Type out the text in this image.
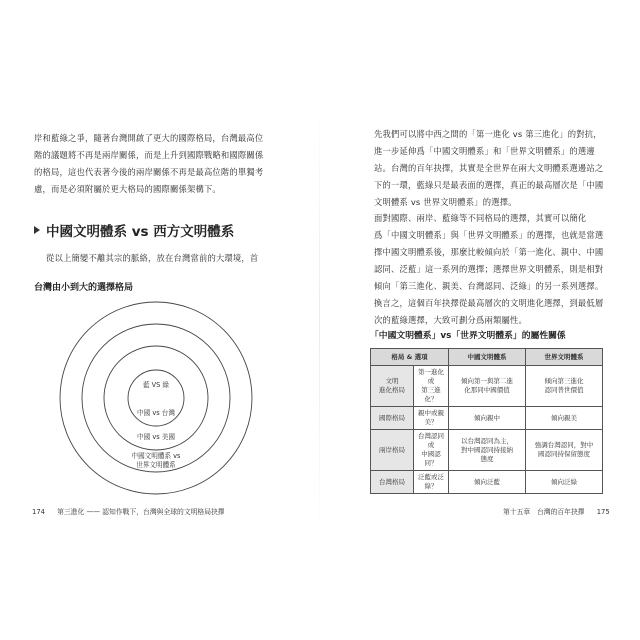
岸和藍綠之爭，隨著台灣開啟了更大的國際格局，台灣最高位
階的議題將不再是兩岸關係，而是上升到國際戰略和國際關係
的格局，這也代表著今後的兩岸關係不再是最高位階的單獨考
慮，而是必須附屬於更大格局的國際關係架構下。
中國文明體系 vs 西方文明體系
從以上簡變不離其宗的脈絡，放在台灣當前的大環境，首
台灣由小到大的選擇格局
藍 VS 綠
中國 vs 台灣
中國 vs 美國
中國文明體系 vs
世界文明體系
174 第三進化 —— 認知作戰下，台灣與全球的文明格局抉擇
先我們可以將中西之間的「第一進化 vs 第三進化」的對抗，
進一步延伸爲「中國文明體系」和「世界文明體系」的選邊
站。台灣的百年抉擇，其實是全世界在兩大文明體系選邊站之
下的一環，藍綠只是最表面的選擇，真正的最高層次是「中國
文明體系 vs 世界文明體系」的選擇。
面對國際、兩岸、藍綠等不同格局的選擇，其實可以簡化
爲「中國文明體系」與「世界文明體系」的選擇，也就是當選
擇中國文明體系後，那麼比較傾向於「第一進化、親中、中國
認同、泛藍」這一系列的選擇；選擇世界文明體系，則是相對
傾向「第三進化、親美、台灣認同、泛綠」的另一系列選擇。
換言之，這個百年抉擇從最高層次的文明進化選擇，到最低層
次的藍綠選擇，大致可劃分爲兩類屬性。
「中國文明體系」vs「世界文明體系」的屬性關係
格局 & 選項		中國文明體系	世界文明體系

文明
進化格局	第一進化或
第三進化？	傾向第一與第二進
化那同中國價值	傾向第三進化
認同普世價值

國際格局	親中或親美？	傾向親中	傾向親美

兩岸格局	台灣認同或
中國認同？	以台灣認同為主，
對中國認同持接納
態度	強調台灣認同，對中
國認同持保留態度

台灣格局	泛藍或泛綠？	傾向泛藍	傾向泛綠
第十五章　台灣的百年抉擇 175
